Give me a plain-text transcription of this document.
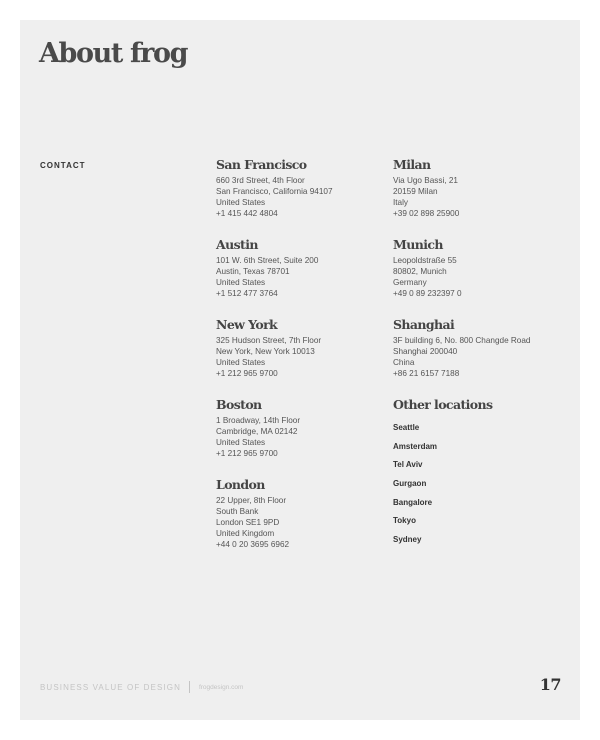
About frog
CONTACT	San Francisco
660 3rd Street, 4th Floor
San Francisco, California 94107
United States
+1 415 442 4804
Milan
Via Ugo Bassi, 21
20159 Milan
Italy
+39 02 898 25900
Austin
101 W. 6th Street, Suite 200
Austin, Texas 78701
United States
+1 512 477 3764
Munich
Leopoldstraße 55
80802, Munich
Germany
+49 0 89 232397 0
New York
325 Hudson Street, 7th Floor
New York, New York 10013
United States
+1 212 965 9700
Shanghai
3F building 6, No. 800 Changde Road
Shanghai 200040
China
+86 21 6157 7188
Boston
1 Broadway, 14th Floor
Cambridge, MA 02142
United States
+1 212 965 9700
Other locations
Seattle
Amsterdam
Tel Aviv
Gurgaon
Bangalore
Tokyo
Sydney
London
22 Upper, 8th Floor
South Bank
London SE1 9PD
United Kingdom
+44 0 20 3695 6962
BUSINESS VALUE OF DESIGN	frogdesign.com	17
